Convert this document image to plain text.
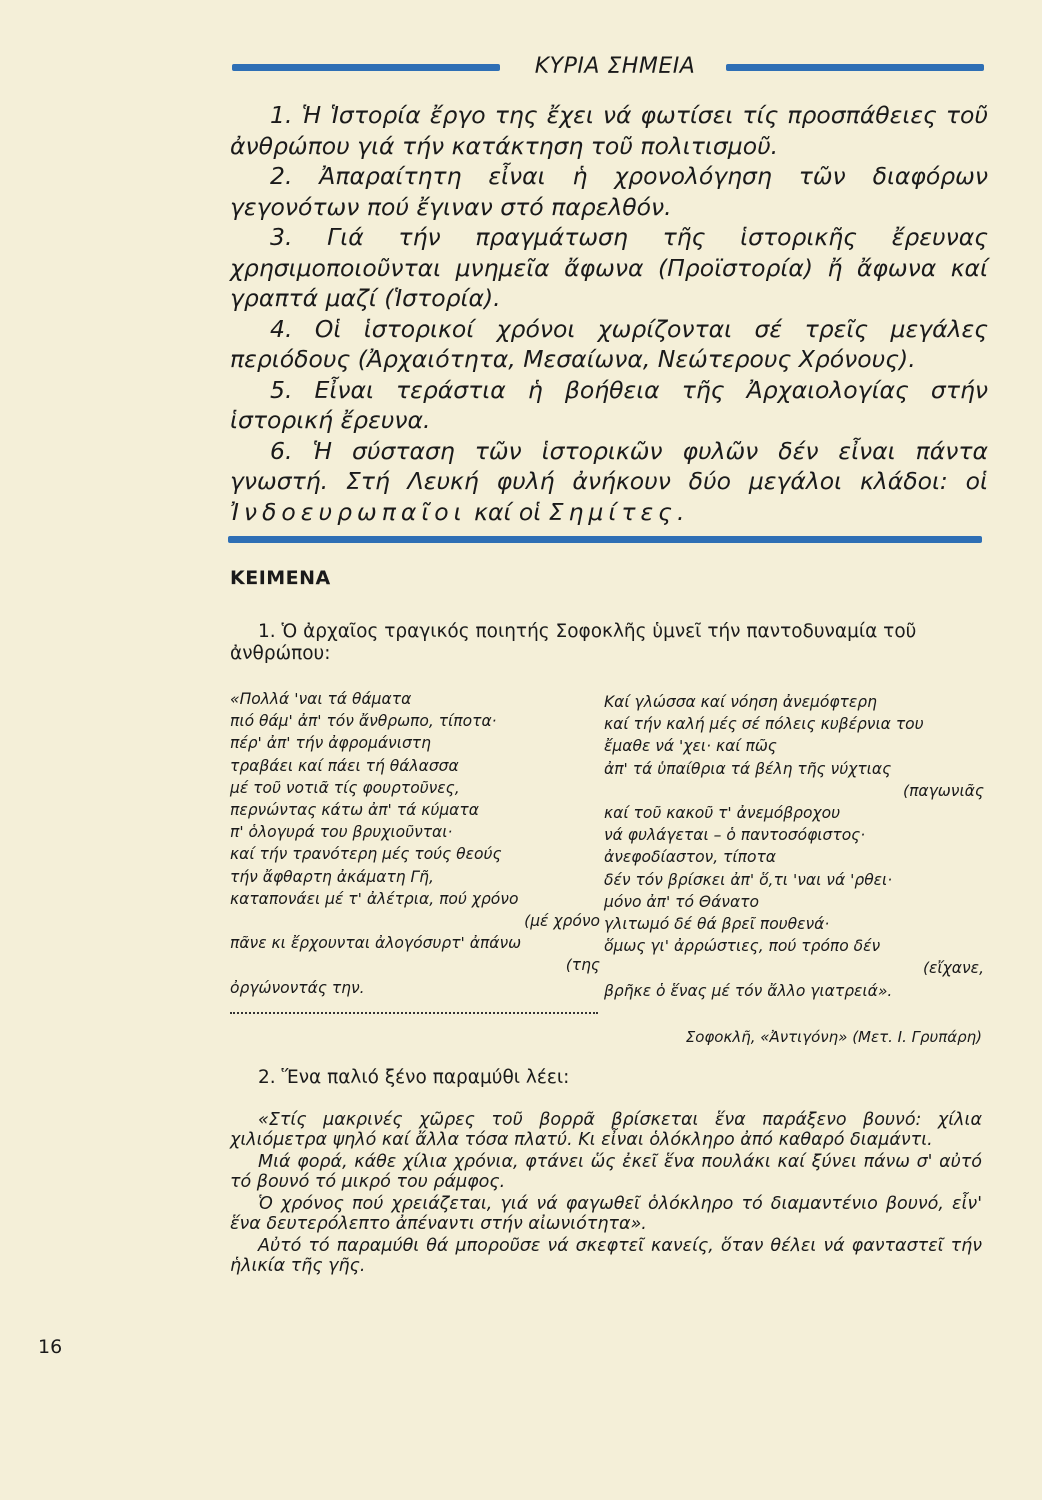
ΚΥΡΙΑ ΣΗΜΕΙΑ

1. Ἡ Ἱστορία ἔργο της ἔχει νά φωτίσει τίς προσπάθειες τοῦ ἀνθρώπου γιά τήν κατάκτηση τοῦ πολιτισμοῦ.

2. Ἀπαραίτητη εἶναι ἡ χρονολόγηση τῶν διαφόρων γεγονότων πού ἔγιναν στό παρελθόν.

3. Γιά τήν πραγμάτωση τῆς ἱστορικῆς ἔρευνας χρησιμοποιοῦνται μνημεῖα ἄφωνα (Προϊστορία) ἤ ἄφωνα καί γραπτά μαζί (Ἱστορία).

4. Οἱ ἱστορικοί χρόνοι χωρίζονται σέ τρεῖς μεγάλες περιόδους (Ἀρχαιότητα, Μεσαίωνα, Νεώτερους Χρόνους).

5. Εἶναι τεράστια ἡ βοήθεια τῆς Ἀρχαιολογίας στήν ἱστορική ἔρευνα.

6. Ἡ σύσταση τῶν ἱστορικῶν φυλῶν δέν εἶναι πάντα γνωστή. Στή Λευκή φυλή ἀνήκουν δύο μεγάλοι κλάδοι: οἱ Ἰνδοευρωπαῖοι καί οἱ Σημίτες.

ΚΕΙΜΕΝΑ
1. Ὁ ἀρχαῖος τραγικός ποιητής Σοφοκλῆς ὑμνεῖ τήν παντοδυναμία τοῦ ἀνθρώπου:
«Πολλά 'ναι τά θάματα
πιό θάμ' ἀπ' τόν ἄνθρωπο, τίποτα·
πέρ' ἀπ' τήν ἀφρομάνιστη
τραβάει καί πάει τή θάλασσα
μέ τοῦ νοτιᾶ τίς φουρτοῦνες,
περνώντας κάτω ἀπ' τά κύματα
π' ὁλογυρά του βρυχιοῦνται·
καί τήν τρανότερη μές τούς θεούς
τήν ἄφθαρτη ἀκάματη Γῆ,
καταπονάει μέ τ' ἀλέτρια, πού χρόνο
(μέ χρόνο
πᾶνε κι ἔρχουνται ἀλογόσυρτ' ἀπάνω
(της
ὀργώνοντάς την.
Καί γλώσσα καί νόηση ἀνεμόφτερη
καί τήν καλή μές σέ πόλεις κυβέρνια του
ἔμαθε νά 'χει· καί πῶς
ἀπ' τά ὑπαίθρια τά βέλη τῆς νύχτιας
(παγωνιᾶς
καί τοῦ κακοῦ τ' ἀνεμόβροχου
νά φυλάγεται – ὁ παντοσόφιστος·
ἀνεφοδίαστον, τίποτα
δέν τόν βρίσκει ἀπ' ὅ,τι 'ναι νά 'ρθει·
μόνο ἀπ' τό Θάνατο
γλιτωμό δέ θά βρεῖ πουθενά·
ὅμως γι' ἀρρώστιες, πού τρόπο δέν
(εἴχανε,
βρῆκε ὁ ἕνας μέ τόν ἄλλο γιατρειά».
Σοφοκλῆ, «Ἀντιγόνη» (Μετ. Ι. Γρυπάρη)
2. Ἕνα παλιό ξένο παραμύθι λέει:

«Στίς μακρινές χῶρες τοῦ βορρᾶ βρίσκεται ἕνα παράξενο βουνό: χίλια χιλιόμετρα ψηλό καί ἄλλα τόσα πλατύ. Κι εἶναι ὁλόκληρο ἀπό καθαρό διαμάντι.

Μιά φορά, κάθε χίλια χρόνια, φτάνει ὥς ἐκεῖ ἕνα πουλάκι καί ξύνει πάνω σ' αὐτό τό βουνό τό μικρό του ράμφος.

Ὁ χρόνος πού χρειάζεται, γιά νά φαγωθεῖ ὁλόκληρο τό διαμαντένιο βουνό, εἶν' ἕνα δευτερόλεπτο ἀπέναντι στήν αἰωνιότητα».

Αὐτό τό παραμύθι θά μποροῦσε νά σκεφτεῖ κανείς, ὅταν θέλει νά φανταστεῖ τήν ἡλικία τῆς γῆς.

16
